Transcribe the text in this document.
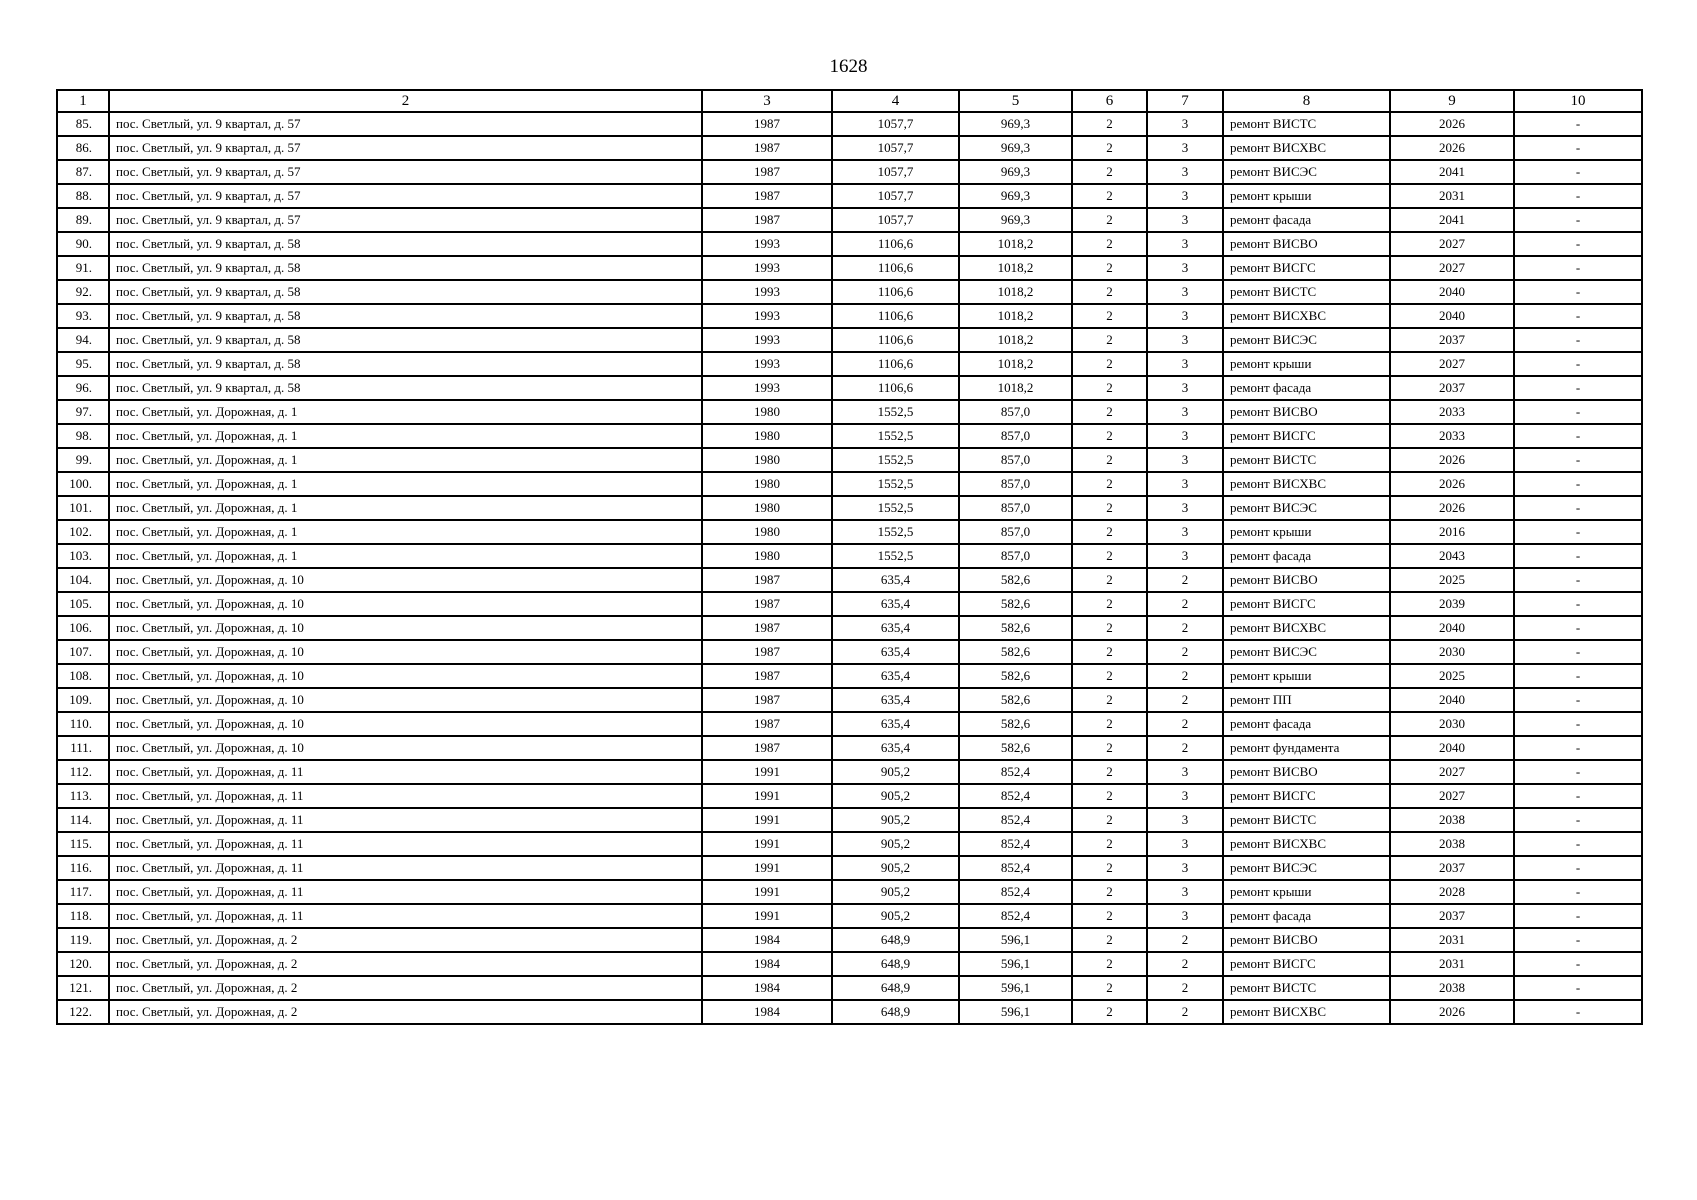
1628
1	2	3	4	5	6	7	8	9	10
85.	пос. Светлый, ул. 9 квартал, д. 57	1987	1057,7	969,3	2	3	ремонт ВИСТС	2026	-
86.	пос. Светлый, ул. 9 квартал, д. 57	1987	1057,7	969,3	2	3	ремонт ВИСХВС	2026	-
87.	пос. Светлый, ул. 9 квартал, д. 57	1987	1057,7	969,3	2	3	ремонт ВИСЭС	2041	-
88.	пос. Светлый, ул. 9 квартал, д. 57	1987	1057,7	969,3	2	3	ремонт крыши	2031	-
89.	пос. Светлый, ул. 9 квартал, д. 57	1987	1057,7	969,3	2	3	ремонт фасада	2041	-
90.	пос. Светлый, ул. 9 квартал, д. 58	1993	1106,6	1018,2	2	3	ремонт ВИСВО	2027	-
91.	пос. Светлый, ул. 9 квартал, д. 58	1993	1106,6	1018,2	2	3	ремонт ВИСГС	2027	-
92.	пос. Светлый, ул. 9 квартал, д. 58	1993	1106,6	1018,2	2	3	ремонт ВИСТС	2040	-
93.	пос. Светлый, ул. 9 квартал, д. 58	1993	1106,6	1018,2	2	3	ремонт ВИСХВС	2040	-
94.	пос. Светлый, ул. 9 квартал, д. 58	1993	1106,6	1018,2	2	3	ремонт ВИСЭС	2037	-
95.	пос. Светлый, ул. 9 квартал, д. 58	1993	1106,6	1018,2	2	3	ремонт крыши	2027	-
96.	пос. Светлый, ул. 9 квартал, д. 58	1993	1106,6	1018,2	2	3	ремонт фасада	2037	-
97.	пос. Светлый, ул. Дорожная, д. 1	1980	1552,5	857,0	2	3	ремонт ВИСВО	2033	-
98.	пос. Светлый, ул. Дорожная, д. 1	1980	1552,5	857,0	2	3	ремонт ВИСГС	2033	-
99.	пос. Светлый, ул. Дорожная, д. 1	1980	1552,5	857,0	2	3	ремонт ВИСТС	2026	-
100.	пос. Светлый, ул. Дорожная, д. 1	1980	1552,5	857,0	2	3	ремонт ВИСХВС	2026	-
101.	пос. Светлый, ул. Дорожная, д. 1	1980	1552,5	857,0	2	3	ремонт ВИСЭС	2026	-
102.	пос. Светлый, ул. Дорожная, д. 1	1980	1552,5	857,0	2	3	ремонт крыши	2016	-
103.	пос. Светлый, ул. Дорожная, д. 1	1980	1552,5	857,0	2	3	ремонт фасада	2043	-
104.	пос. Светлый, ул. Дорожная, д. 10	1987	635,4	582,6	2	2	ремонт ВИСВО	2025	-
105.	пос. Светлый, ул. Дорожная, д. 10	1987	635,4	582,6	2	2	ремонт ВИСГС	2039	-
106.	пос. Светлый, ул. Дорожная, д. 10	1987	635,4	582,6	2	2	ремонт ВИСХВС	2040	-
107.	пос. Светлый, ул. Дорожная, д. 10	1987	635,4	582,6	2	2	ремонт ВИСЭС	2030	-
108.	пос. Светлый, ул. Дорожная, д. 10	1987	635,4	582,6	2	2	ремонт крыши	2025	-
109.	пос. Светлый, ул. Дорожная, д. 10	1987	635,4	582,6	2	2	ремонт ПП	2040	-
110.	пос. Светлый, ул. Дорожная, д. 10	1987	635,4	582,6	2	2	ремонт фасада	2030	-
111.	пос. Светлый, ул. Дорожная, д. 10	1987	635,4	582,6	2	2	ремонт фундамента	2040	-
112.	пос. Светлый, ул. Дорожная, д. 11	1991	905,2	852,4	2	3	ремонт ВИСВО	2027	-
113.	пос. Светлый, ул. Дорожная, д. 11	1991	905,2	852,4	2	3	ремонт ВИСГС	2027	-
114.	пос. Светлый, ул. Дорожная, д. 11	1991	905,2	852,4	2	3	ремонт ВИСТС	2038	-
115.	пос. Светлый, ул. Дорожная, д. 11	1991	905,2	852,4	2	3	ремонт ВИСХВС	2038	-
116.	пос. Светлый, ул. Дорожная, д. 11	1991	905,2	852,4	2	3	ремонт ВИСЭС	2037	-
117.	пос. Светлый, ул. Дорожная, д. 11	1991	905,2	852,4	2	3	ремонт крыши	2028	-
118.	пос. Светлый, ул. Дорожная, д. 11	1991	905,2	852,4	2	3	ремонт фасада	2037	-
119.	пос. Светлый, ул. Дорожная, д. 2	1984	648,9	596,1	2	2	ремонт ВИСВО	2031	-
120.	пос. Светлый, ул. Дорожная, д. 2	1984	648,9	596,1	2	2	ремонт ВИСГС	2031	-
121.	пос. Светлый, ул. Дорожная, д. 2	1984	648,9	596,1	2	2	ремонт ВИСТС	2038	-
122.	пос. Светлый, ул. Дорожная, д. 2	1984	648,9	596,1	2	2	ремонт ВИСХВС	2026	-
